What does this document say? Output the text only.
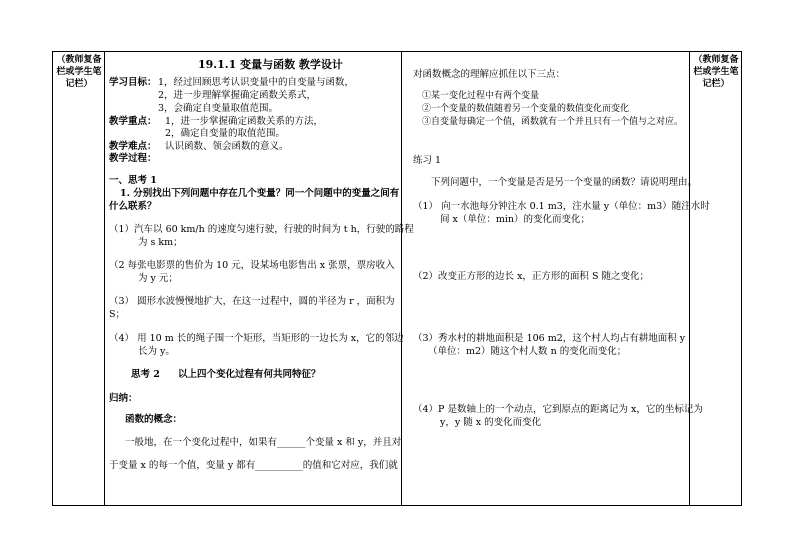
（教师复备栏或学生笔记栏）
（教师复备栏或学生笔记栏）
19.1.1 变量与函数 教学设计
学习目标： 1，经过回顾思考认识变量中的自变量与函数，
2，进一步理解掌握确定函数关系式，
3，会确定自变量取值范围。
教学重点： 1，进一步掌握确定函数关系的方法，
2，确定自变量的取值范围。
教学难点： 认识函数、领会函数的意义。
教学过程：
一、思考 1
1. 分别找出下列问题中存在几个变量？同一个问题中的变量之间有
什么联系？
（1）汽车以 60 km/h 的速度匀速行驶，行驶的时间为 t h，行驶的路程
为 s km；
（2 每张电影票的售价为 10 元，设某场电影售出 x 张票，票房收入
为 y 元；
（3） 圆形水波慢慢地扩大，在这一过程中，圆的半径为 r ，面积为
S；
（4） 用 10 m 长的绳子围一个矩形，当矩形的一边长为 x，它的邻边
长为 y。
思考 2 以上四个变化过程有何共同特征？
归纳：
函数的概念：
一般地，在一个变化过程中，如果有______个变量 x 和 y，并且对
于变量 x 的每一个值，变量 y 都有__________的值和它对应，我们就
对函数概念的理解应抓住以下三点：
①某一变化过程中有两个变量
②一个变量的数值随着另一个变量的数值变化而变化
③自变量每确定一个值，函数就有一个并且只有一个值与之对应。
练习 1
下列问题中，一个变量是否是另一个变量的函数？请说明理由。
（1） 向一水池每分钟注水 0.1 m3，注水量 y（单位：m3）随注水时
间 x（单位：min）的变化而变化；
（2）改变正方形的边长 x，正方形的面积 S 随之变化；
（3）秀水村的耕地面积是 106 m2，这个村人均占有耕地面积 y
（单位：m2）随这个村人数 n 的变化而变化；
（4）P 是数轴上的一个动点，它到原点的距离记为 x，它的坐标记为
y，y 随 x 的变化而变化
